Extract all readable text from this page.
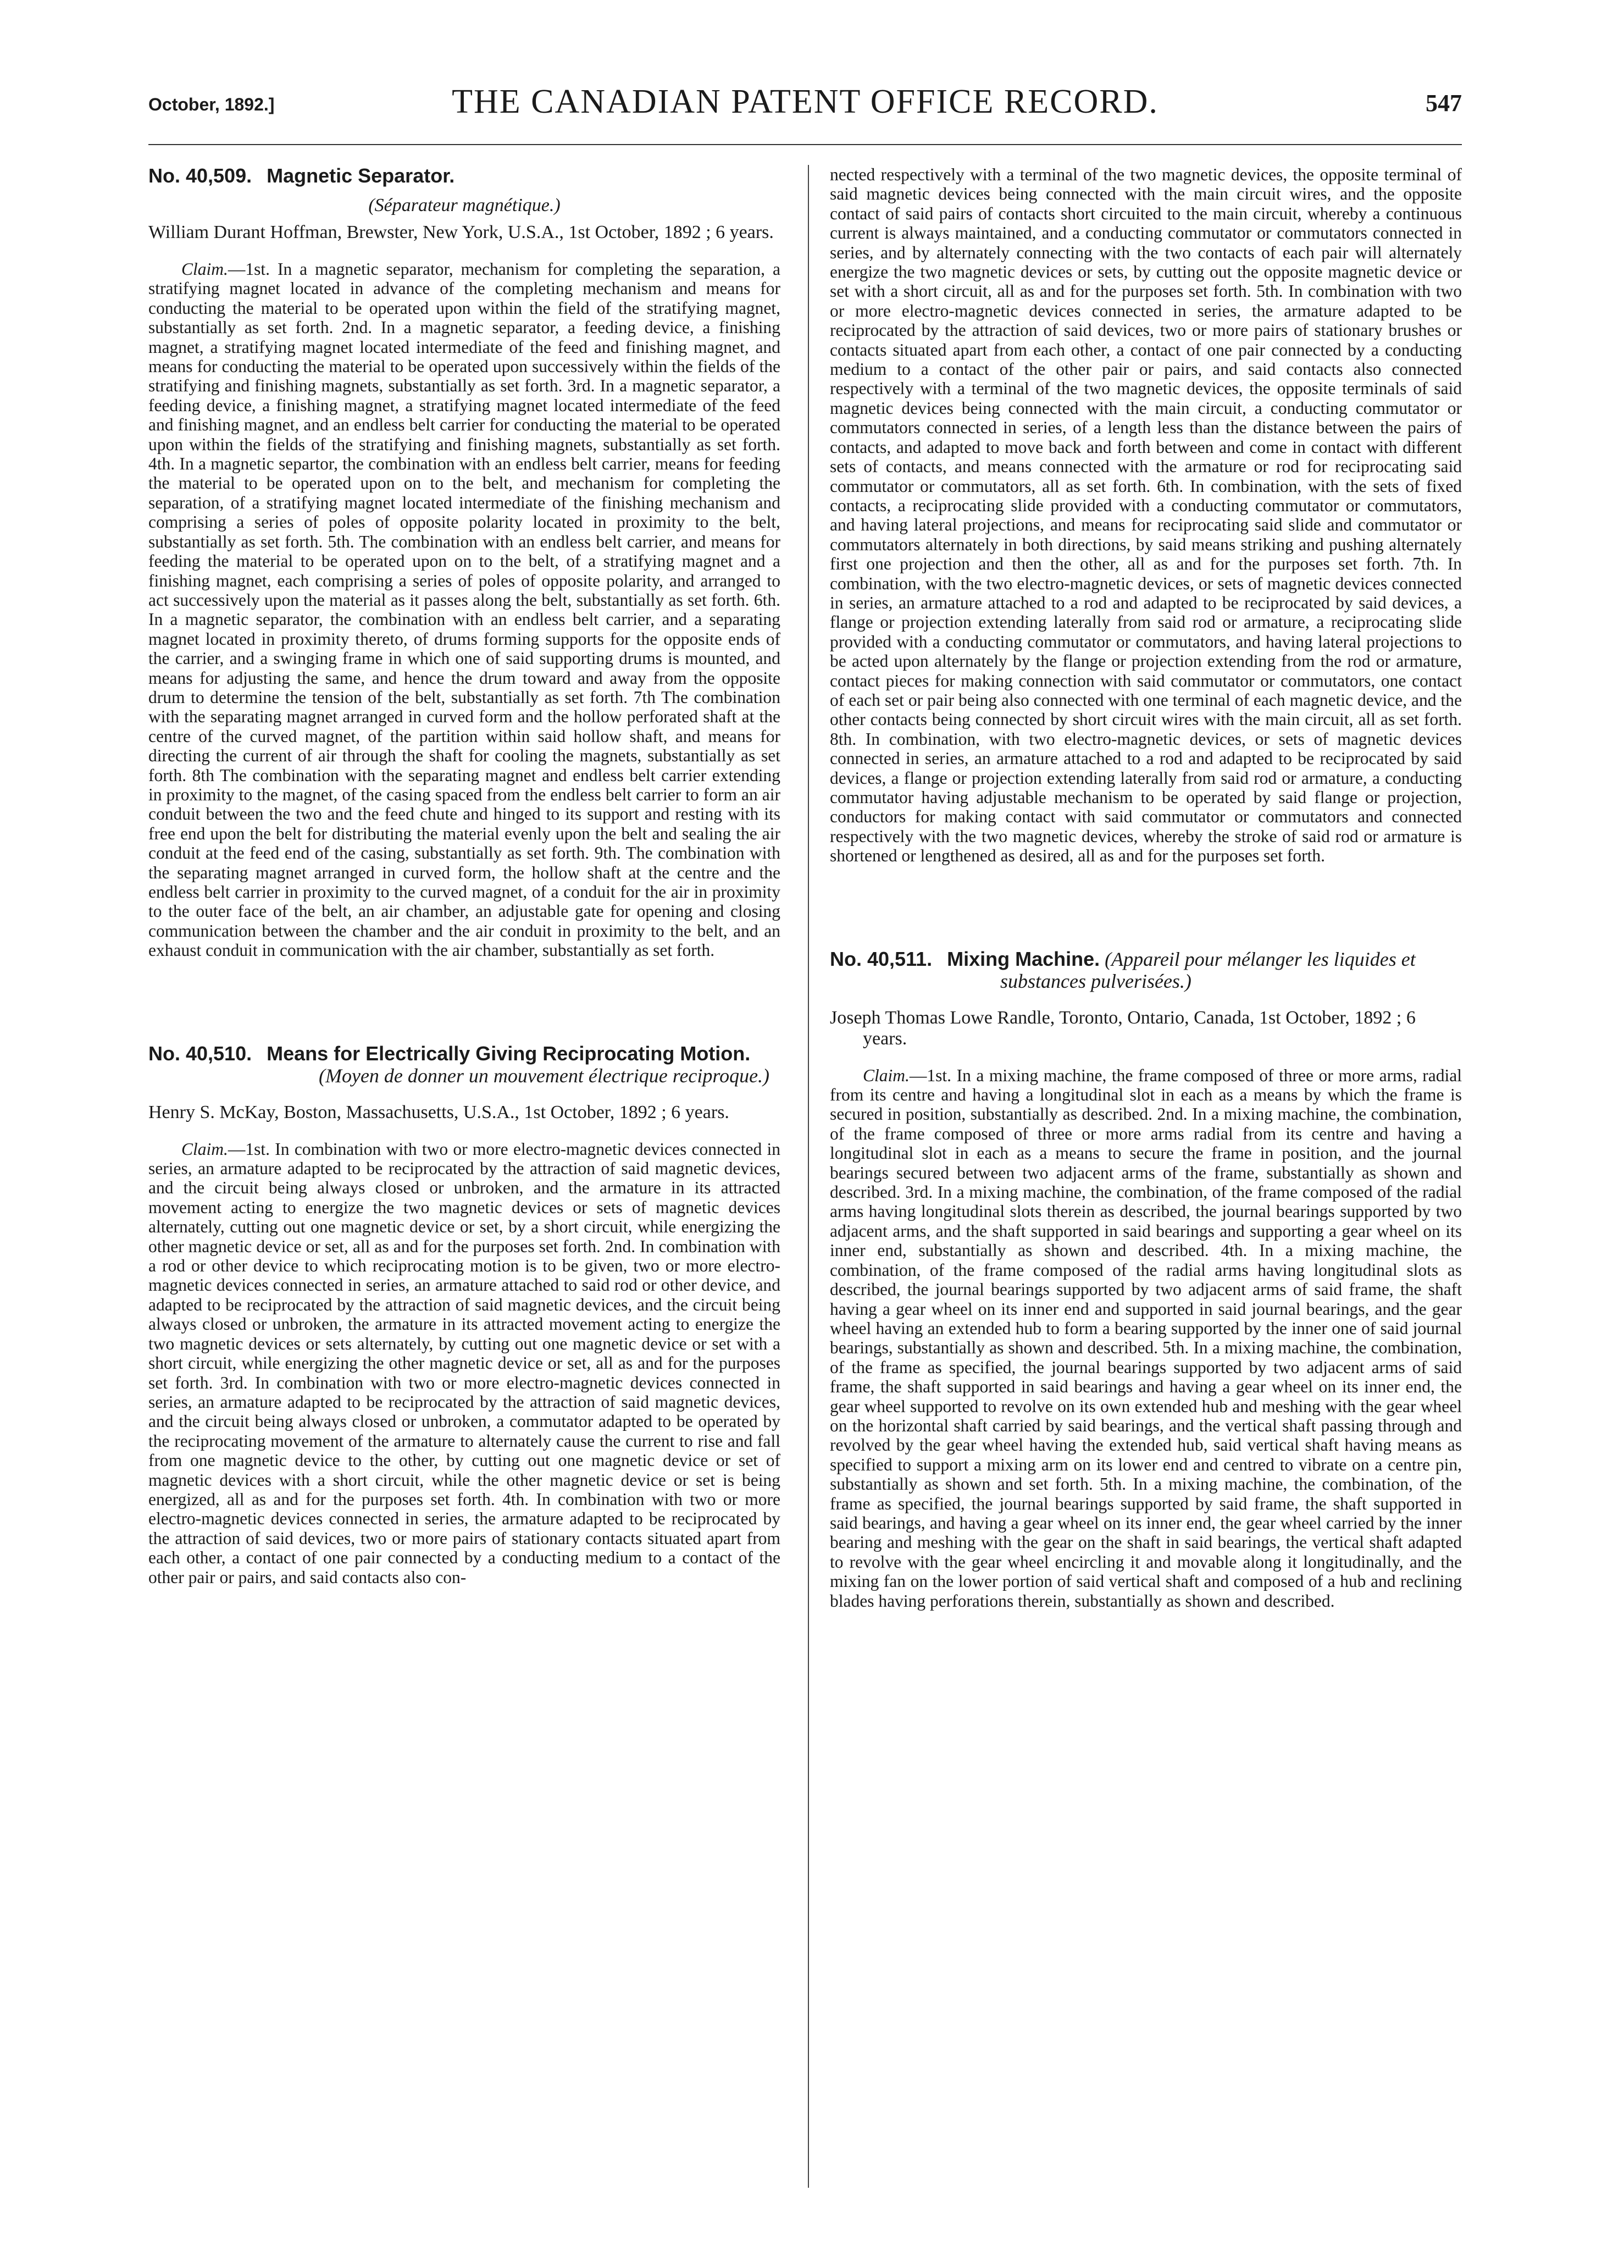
October, 1892.]	THE CANADIAN PATENT OFFICE RECORD.	547

No. 40,509. Magnetic Separator.

(Séparateur magnétique.)

William Durant Hoffman, Brewster, New York, U.S.A., 1st October, 1892 ; 6 years.

Claim.—1st. In a magnetic separator, mechanism for completing the separation, a stratifying magnet located in advance of the completing mechanism and means for conducting the material to be operated upon within the field of the stratifying magnet, substantially as set forth. 2nd. In a magnetic separator, a feeding device, a finishing magnet, a stratifying magnet located intermediate of the feed and finishing magnet, and means for conducting the material to be operated upon successively within the fields of the stratifying and finishing magnets, substantially as set forth. 3rd. In a magnetic separator, a feeding device, a finishing magnet, a stratifying magnet located intermediate of the feed and finishing magnet, and an endless belt carrier for conducting the material to be operated upon within the fields of the stratifying and finishing magnets, substantially as set forth. 4th. In a magnetic separtor, the combination with an endless belt carrier, means for feeding the material to be operated upon on to the belt, and mechanism for completing the separation, of a stratifying magnet located intermediate of the finishing mechanism and comprising a series of poles of opposite polarity located in proximity to the belt, substantially as set forth. 5th. The combination with an endless belt carrier, and means for feeding the material to be operated upon on to the belt, of a stratifying magnet and a finishing magnet, each comprising a series of poles of opposite polarity, and arranged to act successively upon the material as it passes along the belt, substantially as set forth. 6th. In a magnetic separator, the combination with an endless belt carrier, and a separating magnet located in proximity thereto, of drums forming supports for the opposite ends of the carrier, and a swinging frame in which one of said supporting drums is mounted, and means for adjusting the same, and hence the drum toward and away from the opposite drum to determine the tension of the belt, substantially as set forth. 7th The combination with the separating magnet arranged in curved form and the hollow perforated shaft at the centre of the curved magnet, of the partition within said hollow shaft, and means for directing the current of air through the shaft for cooling the magnets, substantially as set forth. 8th The combination with the separating magnet and endless belt carrier extending in proximity to the magnet, of the casing spaced from the endless belt carrier to form an air conduit between the two and the feed chute and hinged to its support and resting with its free end upon the belt for distributing the material evenly upon the belt and sealing the air conduit at the feed end of the casing, substantially as set forth. 9th. The combination with the separating magnet arranged in curved form, the hollow shaft at the centre and the endless belt carrier in proximity to the curved magnet, of a conduit for the air in proximity to the outer face of the belt, an air chamber, an adjustable gate for opening and closing communication between the chamber and the air conduit in proximity to the belt, and an exhaust conduit in communication with the air chamber, substantially as set forth.

No. 40,510. Means for Electrically Giving Reciprocating Motion. (Moyen de donner un mouvement électrique reciproque.)

Henry S. McKay, Boston, Massachusetts, U.S.A., 1st October, 1892 ; 6 years.

Claim.—1st. In combination with two or more electro-magnetic devices connected in series, an armature adapted to be reciprocated by the attraction of said magnetic devices, and the circuit being always closed or unbroken, and the armature in its attracted movement acting to energize the two magnetic devices or sets of magnetic devices alternately, cutting out one magnetic device or set, by a short circuit, while energizing the other magnetic device or set, all as and for the purposes set forth. 2nd. In combination with a rod or other device to which reciprocating motion is to be given, two or more electro-magnetic devices connected in series, an armature attached to said rod or other device, and adapted to be reciprocated by the attraction of said magnetic devices, and the circuit being always closed or unbroken, the armature in its attracted movement acting to energize the two magnetic devices or sets alternately, by cutting out one magnetic device or set with a short circuit, while energizing the other magnetic device or set, all as and for the purposes set forth. 3rd. In combination with two or more electro-magnetic devices connected in series, an armature adapted to be reciprocated by the attraction of said magnetic devices, and the circuit being always closed or unbroken, a commutator adapted to be operated by the reciprocating movement of the armature to alternately cause the current to rise and fall from one magnetic device to the other, by cutting out one magnetic device or set of magnetic devices with a short circuit, while the other magnetic device or set is being energized, all as and for the purposes set forth. 4th. In combination with two or more electro-magnetic devices connected in series, the armature adapted to be reciprocated by the attraction of said devices, two or more pairs of stationary contacts situated apart from each other, a contact of one pair connected by a conducting medium to a contact of the other pair or pairs, and said contacts also con-

nected respectively with a terminal of the two magnetic devices, the opposite terminal of said magnetic devices being connected with the main circuit wires, and the opposite contact of said pairs of contacts short circuited to the main circuit, whereby a continuous current is always maintained, and a conducting commutator or commutators connected in series, and by alternately connecting with the two contacts of each pair will alternately energize the two magnetic devices or sets, by cutting out the opposite magnetic device or set with a short circuit, all as and for the purposes set forth. 5th. In combination with two or more electro-magnetic devices connected in series, the armature adapted to be reciprocated by the attraction of said devices, two or more pairs of stationary brushes or contacts situated apart from each other, a contact of one pair connected by a conducting medium to a contact of the other pair or pairs, and said contacts also connected respectively with a terminal of the two magnetic devices, the opposite terminals of said magnetic devices being connected with the main circuit, a conducting commutator or commutators connected in series, of a length less than the distance between the pairs of contacts, and adapted to move back and forth between and come in contact with different sets of contacts, and means connected with the armature or rod for reciprocating said commutator or commutators, all as set forth. 6th. In combination, with the sets of fixed contacts, a reciprocating slide provided with a conducting commutator or commutators, and having lateral projections, and means for reciprocating said slide and commutator or commutators alternately in both directions, by said means striking and pushing alternately first one projection and then the other, all as and for the purposes set forth. 7th. In combination, with the two electro-magnetic devices, or sets of magnetic devices connected in series, an armature attached to a rod and adapted to be reciprocated by said devices, a flange or projection extending laterally from said rod or armature, a reciprocating slide provided with a conducting commutator or commutators, and having lateral projections to be acted upon alternately by the flange or projection extending from the rod or armature, contact pieces for making connection with said commutator or commutators, one contact of each set or pair being also connected with one terminal of each magnetic device, and the other contacts being connected by short circuit wires with the main circuit, all as set forth. 8th. In combination, with two electro-magnetic devices, or sets of magnetic devices connected in series, an armature attached to a rod and adapted to be reciprocated by said devices, a flange or projection extending laterally from said rod or armature, a conducting commutator having adjustable mechanism to be operated by said flange or projection, conductors for making contact with said commutator or commutators and connected respectively with the two magnetic devices, whereby the stroke of said rod or armature is shortened or lengthened as desired, all as and for the purposes set forth.

No. 40,511. Mixing Machine. (Appareil pour mélanger les liquides et substances pulverisées.)

Joseph Thomas Lowe Randle, Toronto, Ontario, Canada, 1st October, 1892 ; 6 years.

Claim.—1st. In a mixing machine, the frame composed of three or more arms, radial from its centre and having a longitudinal slot in each as a means by which the frame is secured in position, substantially as described. 2nd. In a mixing machine, the combination, of the frame composed of three or more arms radial from its centre and having a longitudinal slot in each as a means to secure the frame in position, and the journal bearings secured between two adjacent arms of the frame, substantially as shown and described. 3rd. In a mixing machine, the combination, of the frame composed of the radial arms having longitudinal slots therein as described, the journal bearings supported by two adjacent arms, and the shaft supported in said bearings and supporting a gear wheel on its inner end, substantially as shown and described. 4th. In a mixing machine, the combination, of the frame composed of the radial arms having longitudinal slots as described, the journal bearings supported by two adjacent arms of said frame, the shaft having a gear wheel on its inner end and supported in said journal bearings, and the gear wheel having an extended hub to form a bearing supported by the inner one of said journal bearings, substantially as shown and described. 5th. In a mixing machine, the combination, of the frame as specified, the journal bearings supported by two adjacent arms of said frame, the shaft supported in said bearings and having a gear wheel on its inner end, the gear wheel supported to revolve on its own extended hub and meshing with the gear wheel on the horizontal shaft carried by said bearings, and the vertical shaft passing through and revolved by the gear wheel having the extended hub, said vertical shaft having means as specified to support a mixing arm on its lower end and centred to vibrate on a centre pin, substantially as shown and set forth. 5th. In a mixing machine, the combination, of the frame as specified, the journal bearings supported by said frame, the shaft supported in said bearings, and having a gear wheel on its inner end, the gear wheel carried by the inner bearing and meshing with the gear on the shaft in said bearings, the vertical shaft adapted to revolve with the gear wheel encircling it and movable along it longitudinally, and the mixing fan on the lower portion of said vertical shaft and composed of a hub and reclining blades having perforations therein, substantially as shown and described.
